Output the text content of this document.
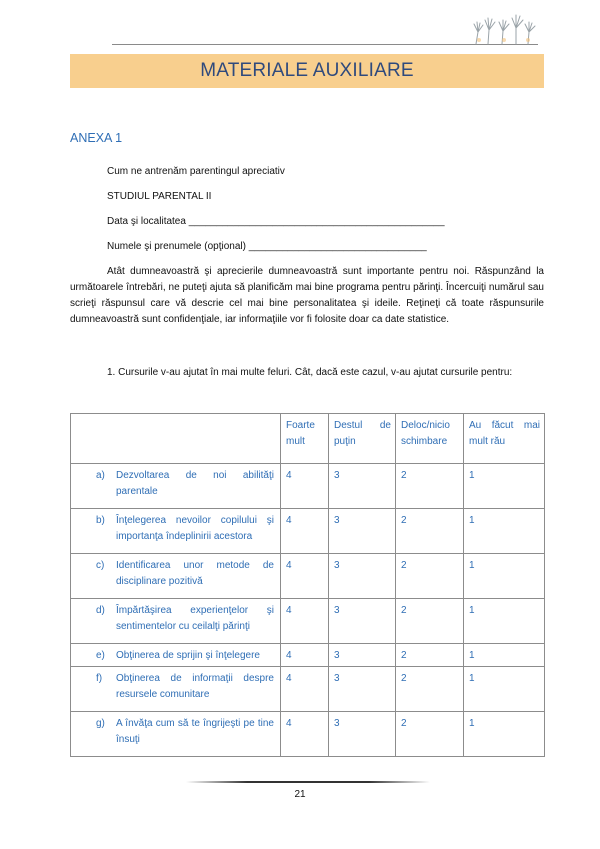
MATERIALE AUXILIARE
ANEXA 1
Cum ne antrenăm parentingul apreciativ
STUDIUL PARENTAL II
Data şi localitatea ______________________________________________
Numele şi prenumele (opţional) ________________________________
Atât dumneavoastră şi aprecierile dumneavoastră sunt importante pentru noi. Răspunzând la următoarele întrebări, ne puteţi ajuta să planificăm mai bine programa pentru părinţi. Încercuiţi numărul sau scrieţi răspunsul care vă descrie cel mai bine personalitatea şi ideile. Reţineţi că toate răspunsurile dumneavoastră sunt confidenţiale, iar informaţiile vor fi folosite doar ca date statistice.
1. Cursurile v-au ajutat în mai multe feluri. Cât, dacă este cazul, v-au ajutat cursurile pentru:
	Foarte mult	Destul de puţin	Deloc/nicio schimbare	Au făcut mai mult rău

a) Dezvoltarea de noi abilităţi parentale	4	3	2	1

b) Înţelegerea nevoilor copilului şi importanţa îndeplinirii acestora	4	3	2	1

c) Identificarea unor metode de disciplinare pozitivă	4	3	2	1

d) Împărtăşirea experienţelor şi sentimentelor cu ceilalţi părinţi	4	3	2	1

e) Obţinerea de sprijin şi înţelegere	4	3	2	1

f) Obţinerea de informaţii despre resursele comunitare	4	3	2	1

g) A învăţa cum să te îngrijeşti pe tine însuţi	4	3	2	1
21
